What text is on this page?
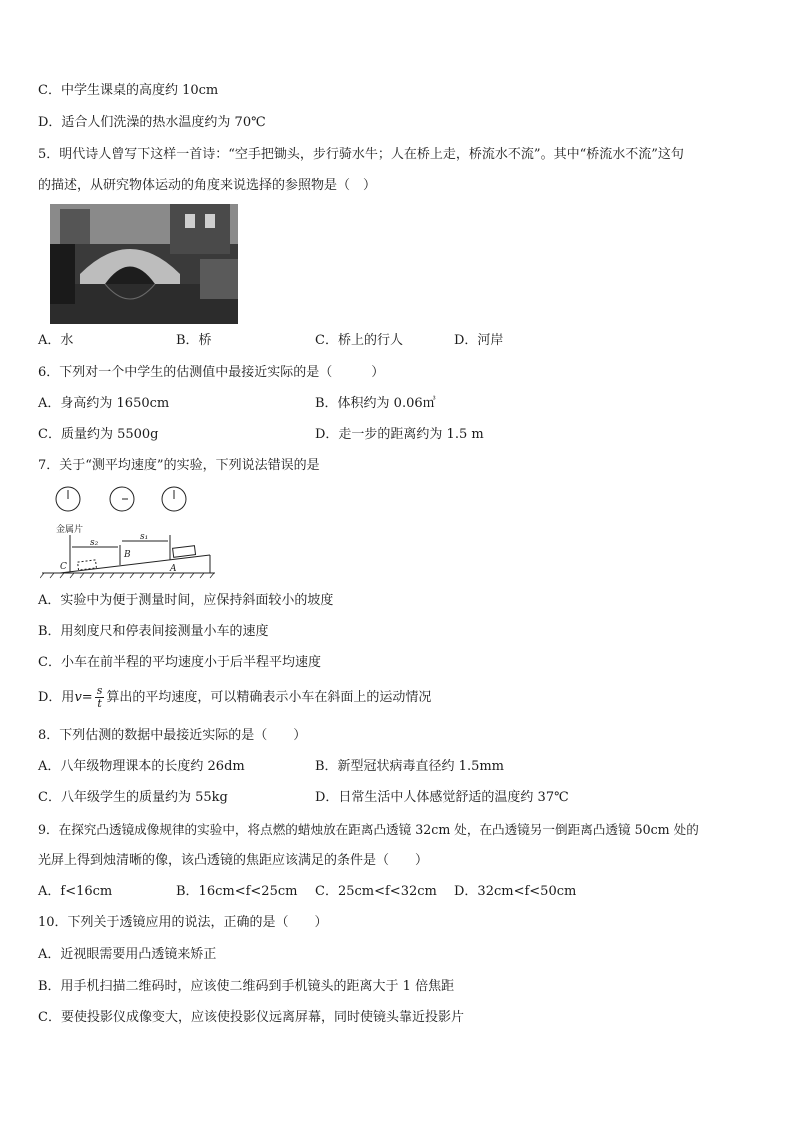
C．中学生课桌的高度约 10cm
D．适合人们洗澡的热水温度约为 70℃
5．明代诗人曾写下这样一首诗：“空手把锄头，步行骑水牛；人在桥上走，桥流水不流”。其中“桥流水不流”这句
的描述，从研究物体运动的角度来说选择的参照物是（　）
A．水	B．桥	C．桥上的行人	D．河岸
6．下列对一个中学生的估测值中最接近实际的是（　　　）
A．身高约为 1650cm	B．体积约为 0.06㎥
C．质量约为 5500g	D．走一步的距离约为 1.5 m
7．关于“测平均速度”的实验，下列说法错误的是
金属片
s₂
s₁
C
B
A
A．实验中为便于测量时间，应保持斜面较小的坡度
B．用刻度尺和停表间接测量小车的速度
C．小车在前半程的平均速度小于后半程平均速度
D．用$v= \frac{s}{t}$ 算出的平均速度，可以精确表示小车在斜面上的运动情况
8．下列估测的数据中最接近实际的是（　　）
A．八年级物理课本的长度约 26dm	B．新型冠状病毒直径约 1.5mm
C．八年级学生的质量约为 55kg	D．日常生活中人体感觉舒适的温度约 37℃
9．在探究凸透镜成像规律的实验中，将点燃的蜡烛放在距离凸透镜 32cm 处，在凸透镜另一倒距离凸透镜 50cm 处的
光屏上得到烛清晰的像，该凸透镜的焦距应该满足的条件是（　　）
A．f<16cm	B．16cm<f<25cm C．25cm<f<32cm D．32cm<f<50cm
10．下列关于透镜应用的说法，正确的是（　　）
A．近视眼需要用凸透镜来矫正
B．用手机扫描二维码时，应该使二维码到手机镜头的距离大于 1 倍焦距
C．要使投影仪成像变大，应该使投影仪远离屏幕，同时使镜头靠近投影片
